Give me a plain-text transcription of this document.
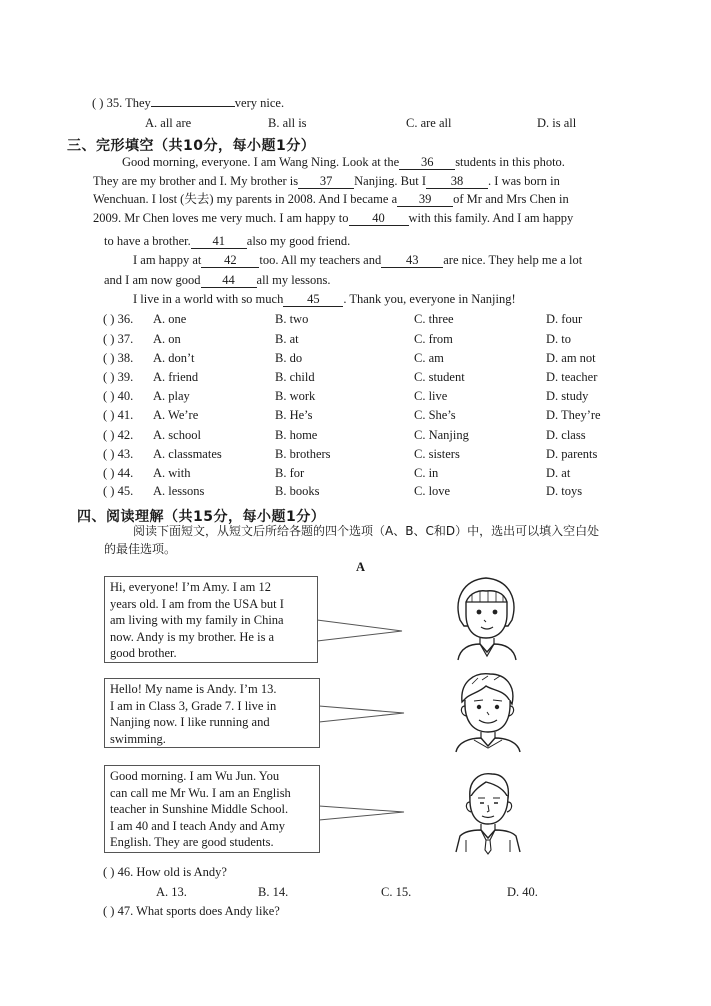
( ) 35. They	very nice.
A. all are	B. all is	C. are all	D. is all
三、完形填空（共10分，每小题1分）
Good morning, everyone. I am Wang Ning. Look at the 36 students in this photo.
They are my brother and I. My brother is 37 Nanjing. But I 38 . I was born in
Wenchuan. I lost (失去) my parents in 2008. And I became a 39 of Mr and Mrs Chen in
2009. Mr Chen loves me very much. I am happy to 40 with this family. And I am happy
to have a brother. 41 also my good friend.
I am happy at 42 too. All my teachers and 43 are nice. They help me a lot
and I am now good 44 all my lessons.
I live in a world with so much 45 . Thank you, everyone in Nanjing!
( ) 36. A. one	B. two	C. three	D. four
( ) 37. A. on	B. at	C. from	D. to
( ) 38. A. don’t	B. do	C. am	D. am not
( ) 39. A. friend	B. child	C. student	D. teacher
( ) 40. A. play	B. work	C. live	D. study
( ) 41. A. We’re	B. He’s	C. She’s	D. They’re
( ) 42. A. school	B. home	C. Nanjing	D. class
( ) 43. A. classmates	B. brothers	C. sisters	D. parents
( ) 44. A. with	B. for	C. in	D. at
( ) 45. A. lessons	B. books	C. love	D. toys
四、阅读理解（共15分，每小题1分）
阅读下面短文，从短文后所给各题的四个选项（A、B、C和D）中，选出可以填入空白处
的最佳选项。
A
Hi, everyone! I’m Amy. I am 12
years old. I am from the USA but I
am living with my family in China
now. Andy is my brother. He is a
good brother.
Hello! My name is Andy. I’m 13.
I am in Class 3, Grade 7. I live in
Nanjing now. I like running and
swimming.
Good morning. I am Wu Jun. You
can call me Mr Wu. I am an English
teacher in Sunshine Middle School.
I am 40 and I teach Andy and Amy
English. They are good students.
( ) 46. How old is Andy?
A. 13.	B. 14.	C. 15.	D. 40.
( ) 47. What sports does Andy like?
